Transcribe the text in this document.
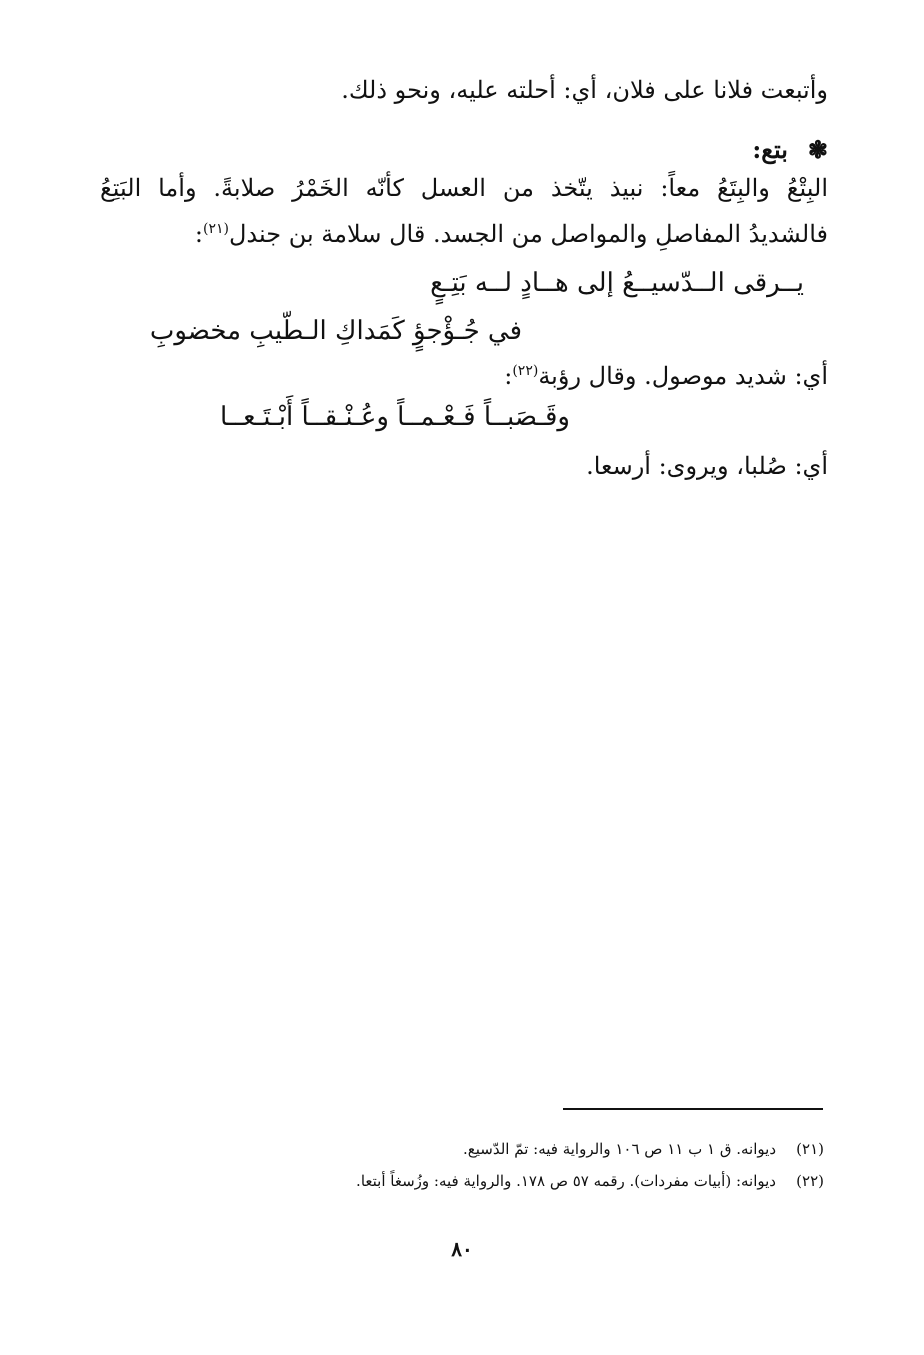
وأتبعت فلانا على فلان، أي: أحلته عليه، ونحو ذلك.
❃بتع:
البِتْعُ والبِتَعُ معاً: نبيذ يتّخذ من العسل كأنّه الخَمْرُ صلابةً. وأما البَتِعُ
فالشديدُ المفاصلِ والمواصل من الجسد. قال سلامة بن جندل$^{(٢١)}$:
يــرقى الــدّسيــعُ إلى هــادٍ لــه بَتِـعٍ
في جُـؤْجؤٍ كَمَداكِ الـطّيبِ مخضوبِ
أي: شديد موصول. وقال رؤبة$^{(٢٢)}$:
وقَـصَبــاً فَـعْـمــاً وعُـنْـقــاً أَبْـتَـعــا
أي: صُلبا، ويروى: أرسعا.
(٢١)ديوانه. ق ١ ب ١١ ص ١٠٦ والرواية فيه: تمّ الدّسيع.
(٢٢)ديوانه: (أبيات مفردات). رقمه ٥٧ ص ١٧٨. والرواية فيه: وزُسغاً أبتعا.
٨٠
